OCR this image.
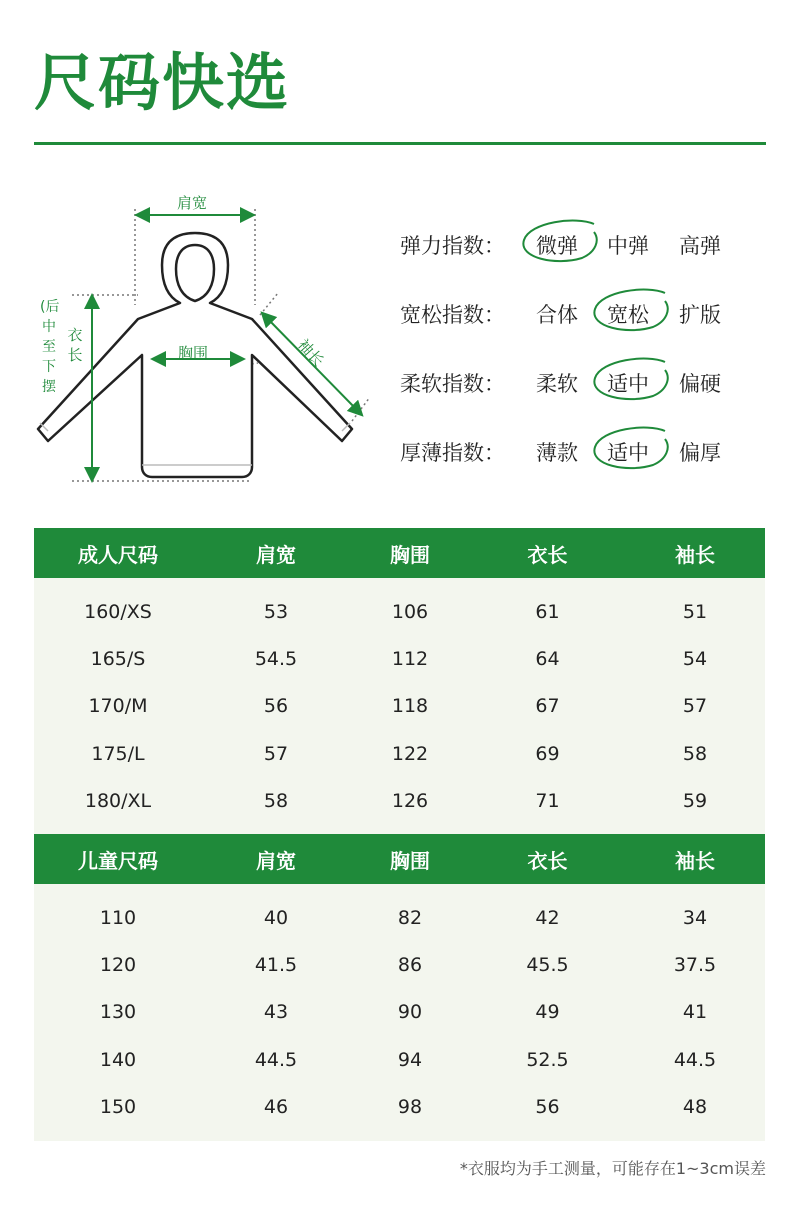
尺码快选
肩宽
胸围
衣长
(后中至下摆
袖长
弹力指数： 微弹 中弹 高弹
宽松指数： 合体 宽松 扩版
柔软指数： 柔软 适中 偏硬
厚薄指数： 薄款 适中 偏厚
成人尺码	肩宽	胸围	衣长	袖长
160/XS	53	106	61	51
165/S	54.5	112	64	54
170/M	56	118	67	57
175/L	57	122	69	58
180/XL	58	126	71	59
儿童尺码	肩宽	胸围	衣长	袖长
110	40	82	42	34
120	41.5	86	45.5	37.5
130	43	90	49	41
140	44.5	94	52.5	44.5
150	46	98	56	48
*衣服均为手工测量，可能存在1~3cm误差
